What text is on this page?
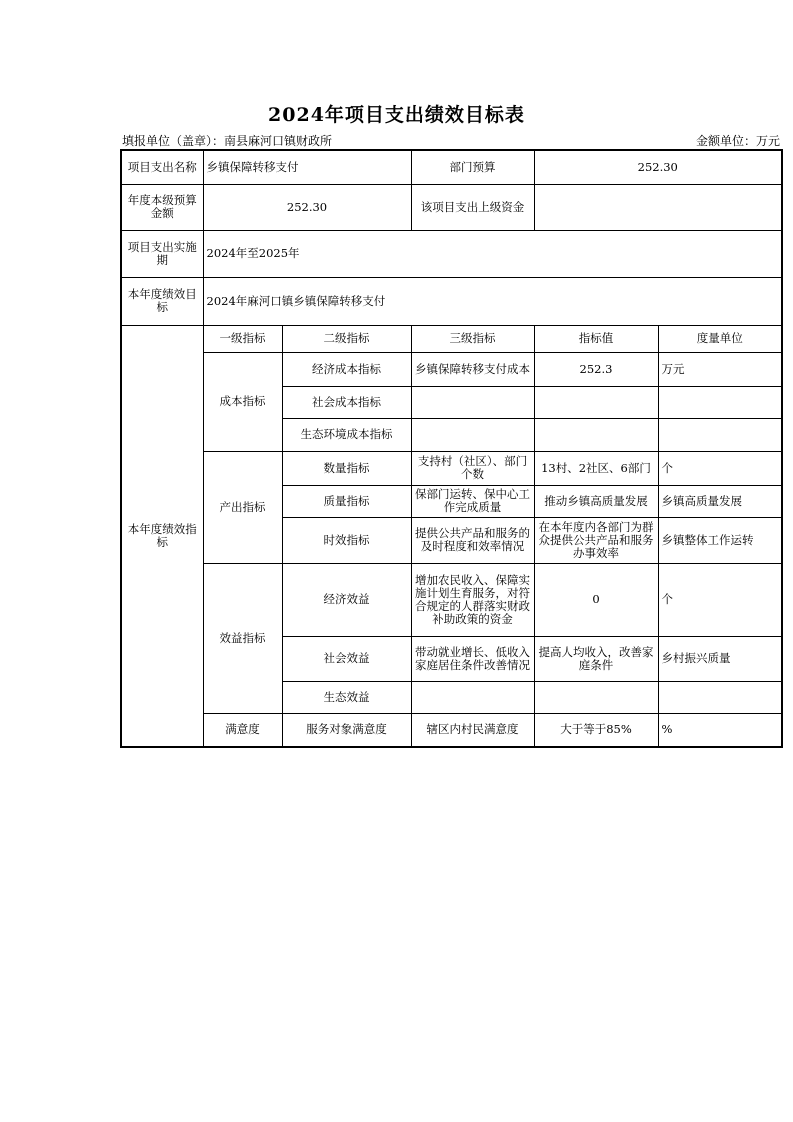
2024年项目支出绩效目标表
填报单位（盖章）：南县麻河口镇财政所	金额单位：万元
项目支出名称	乡镇保障转移支付		部门预算	252.30	
年度本级预算金额	252.30		该项目支出上级资金		
项目支出实施期	2024年至2025年				
本年度绩效目标	2024年麻河口镇乡镇保障转移支付				
本年度绩效指标	一级指标	二级指标	三级指标	指标值	度量单位
	成本指标	经济成本指标	乡镇保障转移支付成本	252.3	万元
		社会成本指标			
		生态环境成本指标			
	产出指标	数量指标	支持村（社区）、部门个数	13村、2社区、6部门	个
		质量指标	保部门运转、保中心工作完成质量	推动乡镇高质量发展	乡镇高质量发展
		时效指标	提供公共产品和服务的及时程度和效率情况	在本年度内各部门为群众提供公共产品和服务办事效率	乡镇整体工作运转
	效益指标	经济效益	增加农民收入、保障实施计划生育服务，对符合规定的人群落实财政补助政策的资金	0	个
		社会效益	带动就业增长、低收入家庭居住条件改善情况	提高人均收入，改善家庭条件	乡村振兴质量
		生态效益			
	满意度	服务对象满意度	辖区内村民满意度	大于等于85%	%
